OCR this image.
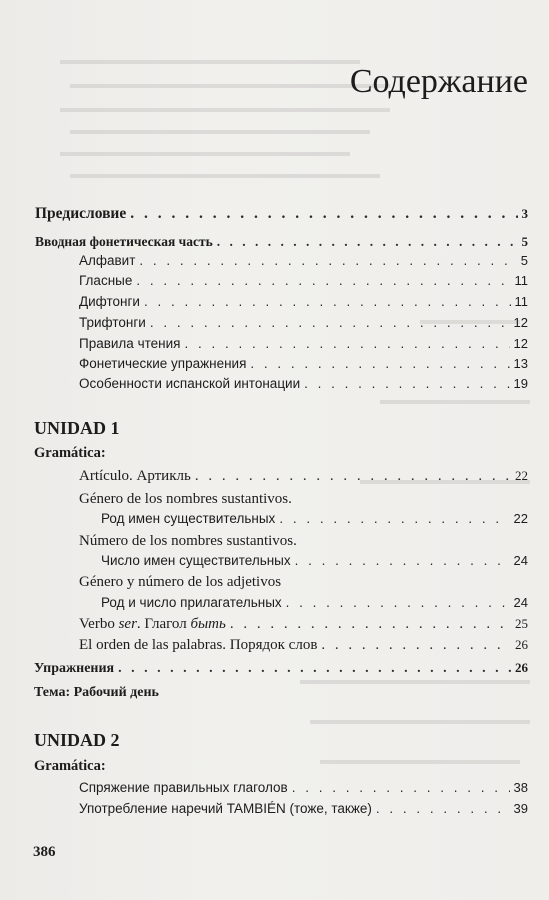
Содержание
Предисловие . . .	3
Вводная фонетическая часть . . .	5
Алфавит . . .	5
Гласные . . .	11
Дифтонги . . .	11
Трифтонги . . .	12
Правила чтения . . .	12
Фонетические упражнения . . .	13
Особенности испанской интонации . . .	19
UNIDAD 1
Gramática:
Artículo. Артикль . . .	22
Género de los nombres sustantivos.
Род имен существительных . . .	22
Número de los nombres sustantivos.
Число имен существительных . . .	24
Género y número de los adjetivos
Род и число прилагательных . . .	24
Verbo ser. Глагол быть . . .	25
El orden de las palabras. Порядок слов . . .	26
Упражнения . . .	26
Тема: Рабочий день
UNIDAD 2
Gramática:
Спряжение правильных глаголов . . .	38
Употребление наречий TAMBIÉN (тоже, также) . . .	39
386
